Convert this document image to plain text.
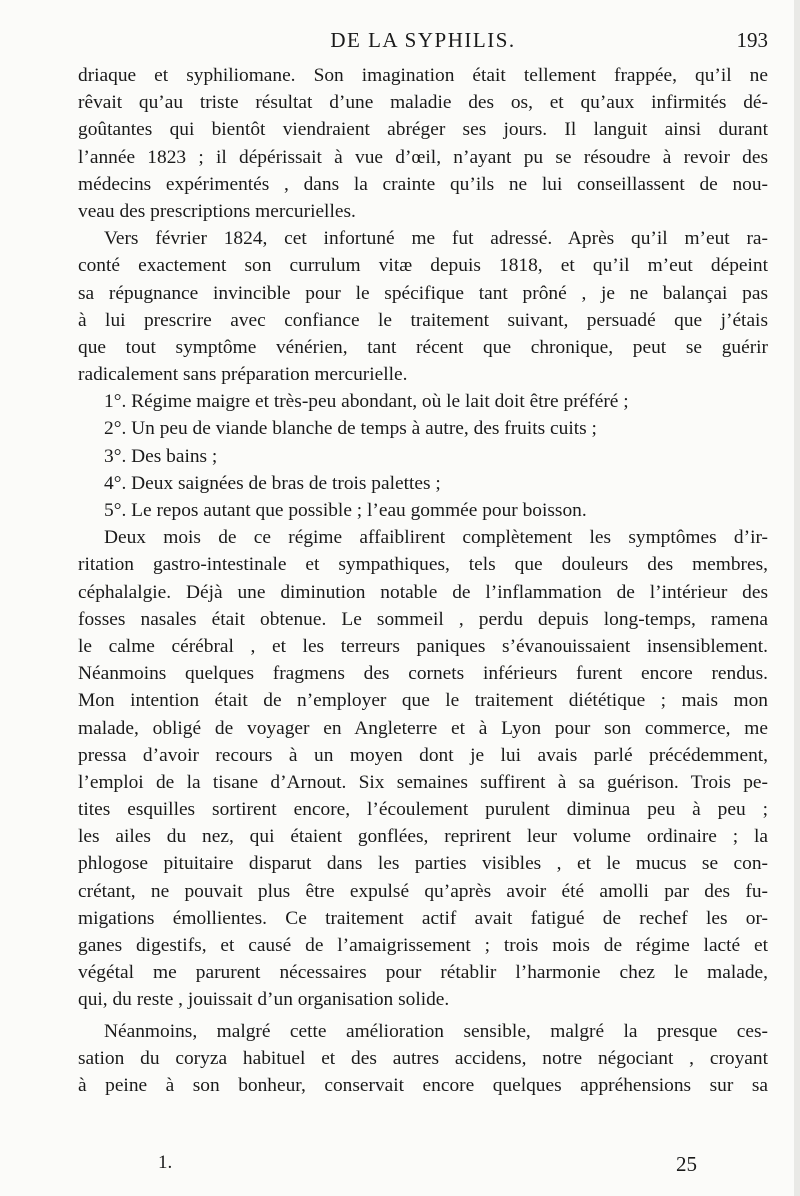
DE LA SYPHILIS.	193
driaque et syphiliomane. Son imagination était tellement frappée, qu’il ne
rêvait qu’au triste résultat d’une maladie des os, et qu’aux infirmités dé-
goûtantes qui bientôt viendraient abréger ses jours. Il languit ainsi durant
l’année 1823 ; il dépérissait à vue d’œil, n’ayant pu se résoudre à revoir des
médecins expérimentés , dans la crainte qu’ils ne lui conseillassent de nou-
veau des prescriptions mercurielles.
Vers février 1824, cet infortuné me fut adressé. Après qu’il m’eut ra-
conté exactement son currulum vitæ depuis 1818, et qu’il m’eut dépeint
sa répugnance invincible pour le spécifique tant prôné , je ne balançai pas
à lui prescrire avec confiance le traitement suivant, persuadé que j’étais
que tout symptôme vénérien, tant récent que chronique, peut se guérir
radicalement sans préparation mercurielle.
1°. Régime maigre et très-peu abondant, où le lait doit être préféré ;
2°. Un peu de viande blanche de temps à autre, des fruits cuits ;
3°. Des bains ;
4°. Deux saignées de bras de trois palettes ;
5°. Le repos autant que possible ; l’eau gommée pour boisson.
Deux mois de ce régime affaiblirent complètement les symptômes d’ir-
ritation gastro-intestinale et sympathiques, tels que douleurs des membres,
céphalalgie. Déjà une diminution notable de l’inflammation de l’intérieur des
fosses nasales était obtenue. Le sommeil , perdu depuis long-temps, ramena
le calme cérébral , et les terreurs paniques s’évanouissaient insensiblement.
Néanmoins quelques fragmens des cornets inférieurs furent encore rendus.
Mon intention était de n’employer que le traitement diététique ; mais mon
malade, obligé de voyager en Angleterre et à Lyon pour son commerce, me
pressa d’avoir recours à un moyen dont je lui avais parlé précédemment,
l’emploi de la tisane d’Arnout. Six semaines suffirent à sa guérison. Trois pe-
tites esquilles sortirent encore, l’écoulement purulent diminua peu à peu ;
les ailes du nez, qui étaient gonflées, reprirent leur volume ordinaire ; la
phlogose pituitaire disparut dans les parties visibles , et le mucus se con-
crétant, ne pouvait plus être expulsé qu’après avoir été amolli par des fu-
migations émollientes. Ce traitement actif avait fatigué de rechef les or-
ganes digestifs, et causé de l’amaigrissement ; trois mois de régime lacté et
végétal me parurent nécessaires pour rétablir l’harmonie chez le malade,
qui, du reste , jouissait d’un organisation solide.
Néanmoins, malgré cette amélioration sensible, malgré la presque ces-
sation du coryza habituel et des autres accidens, notre négociant , croyant
à peine à son bonheur, conservait encore quelques appréhensions sur sa
1.	25
